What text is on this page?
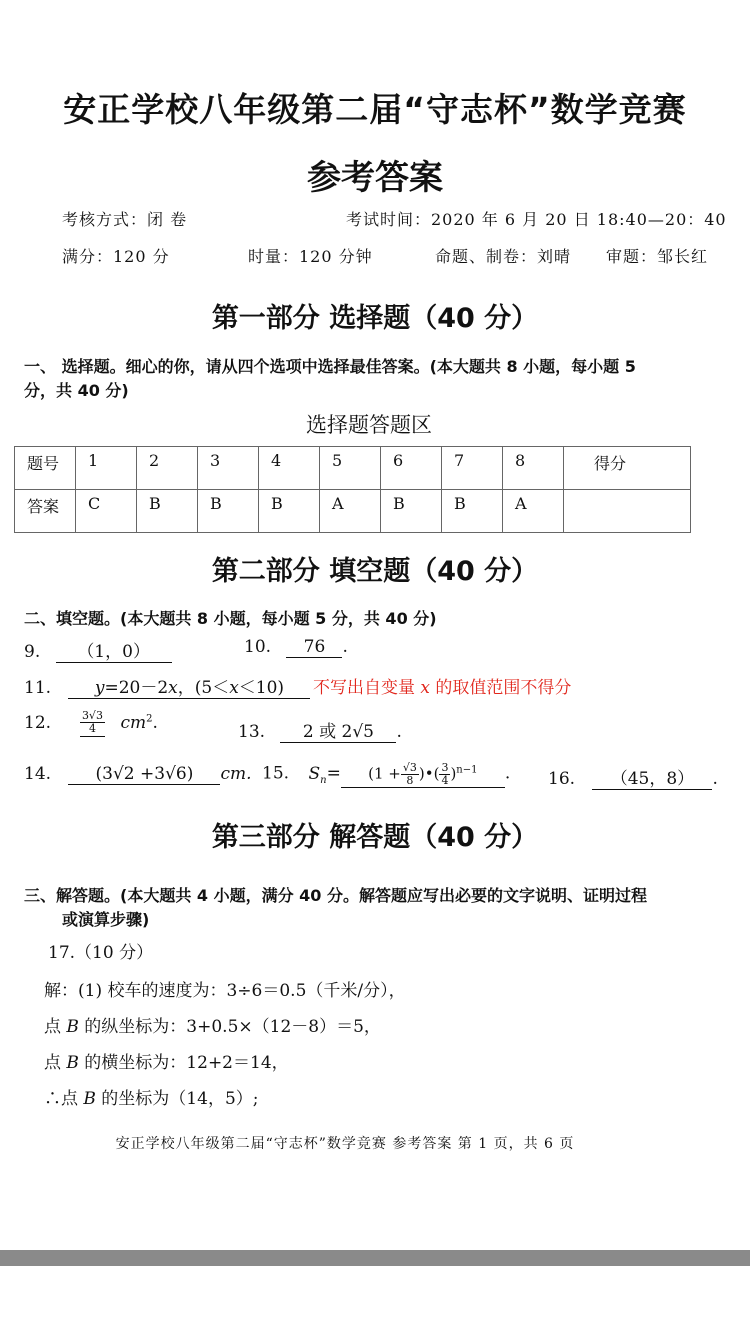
安正学校八年级第二届“守志杯”数学竞赛
参考答案
考核方式：闭 卷	考试时间：2020 年 6 月 20 日 18:40—20：40
满分：120 分	时量：120 分钟	命题、制卷：刘晴 审题：邹长红
第一部分 选择题（40 分）
一、 选择题。细心的你，请从四个选项中选择最佳答案。(本大题共 8 小题，每小题 5
分，共 40 分)
选择题答题区
题号	1	2	3	4	5	6	7	8	得分
答案	C	B	B	B	A	B	B	A	
第二部分 填空题（40 分）
二、填空题。(本大题共 8 小题，每小题 5 分，共 40 分)
9. （1，0）	10. 76 .
11.	y=20－2x，(5＜x＜10)	不写出自变量 x 的取值范围不得分
12.	$\frac{3√3}{4} cm^2$.	13. 2 或 2√5 .
14.	(3√2 +3√6) cm. 15. $S_n= (1 + \frac{√3}{8}$ )•( $\frac{3}{4} )^{n-1}$ . 16. （45，8） .
第三部分 解答题（40 分）
三、解答题。(本大题共 4 小题，满分 40 分。解答题应写出必要的文字说明、证明过程
或演算步骤)
17.（10 分）
解：(1) 校车的速度为：3÷6＝0.5（千米/分），
点 B 的纵坐标为：3+0.5×（12－8）＝5，
点 B 的横坐标为：12+2＝14，
∴点 B 的坐标为（14，5）;
安正学校八年级第二届“守志杯”数学竞赛 参考答案 第 1 页，共 6 页
